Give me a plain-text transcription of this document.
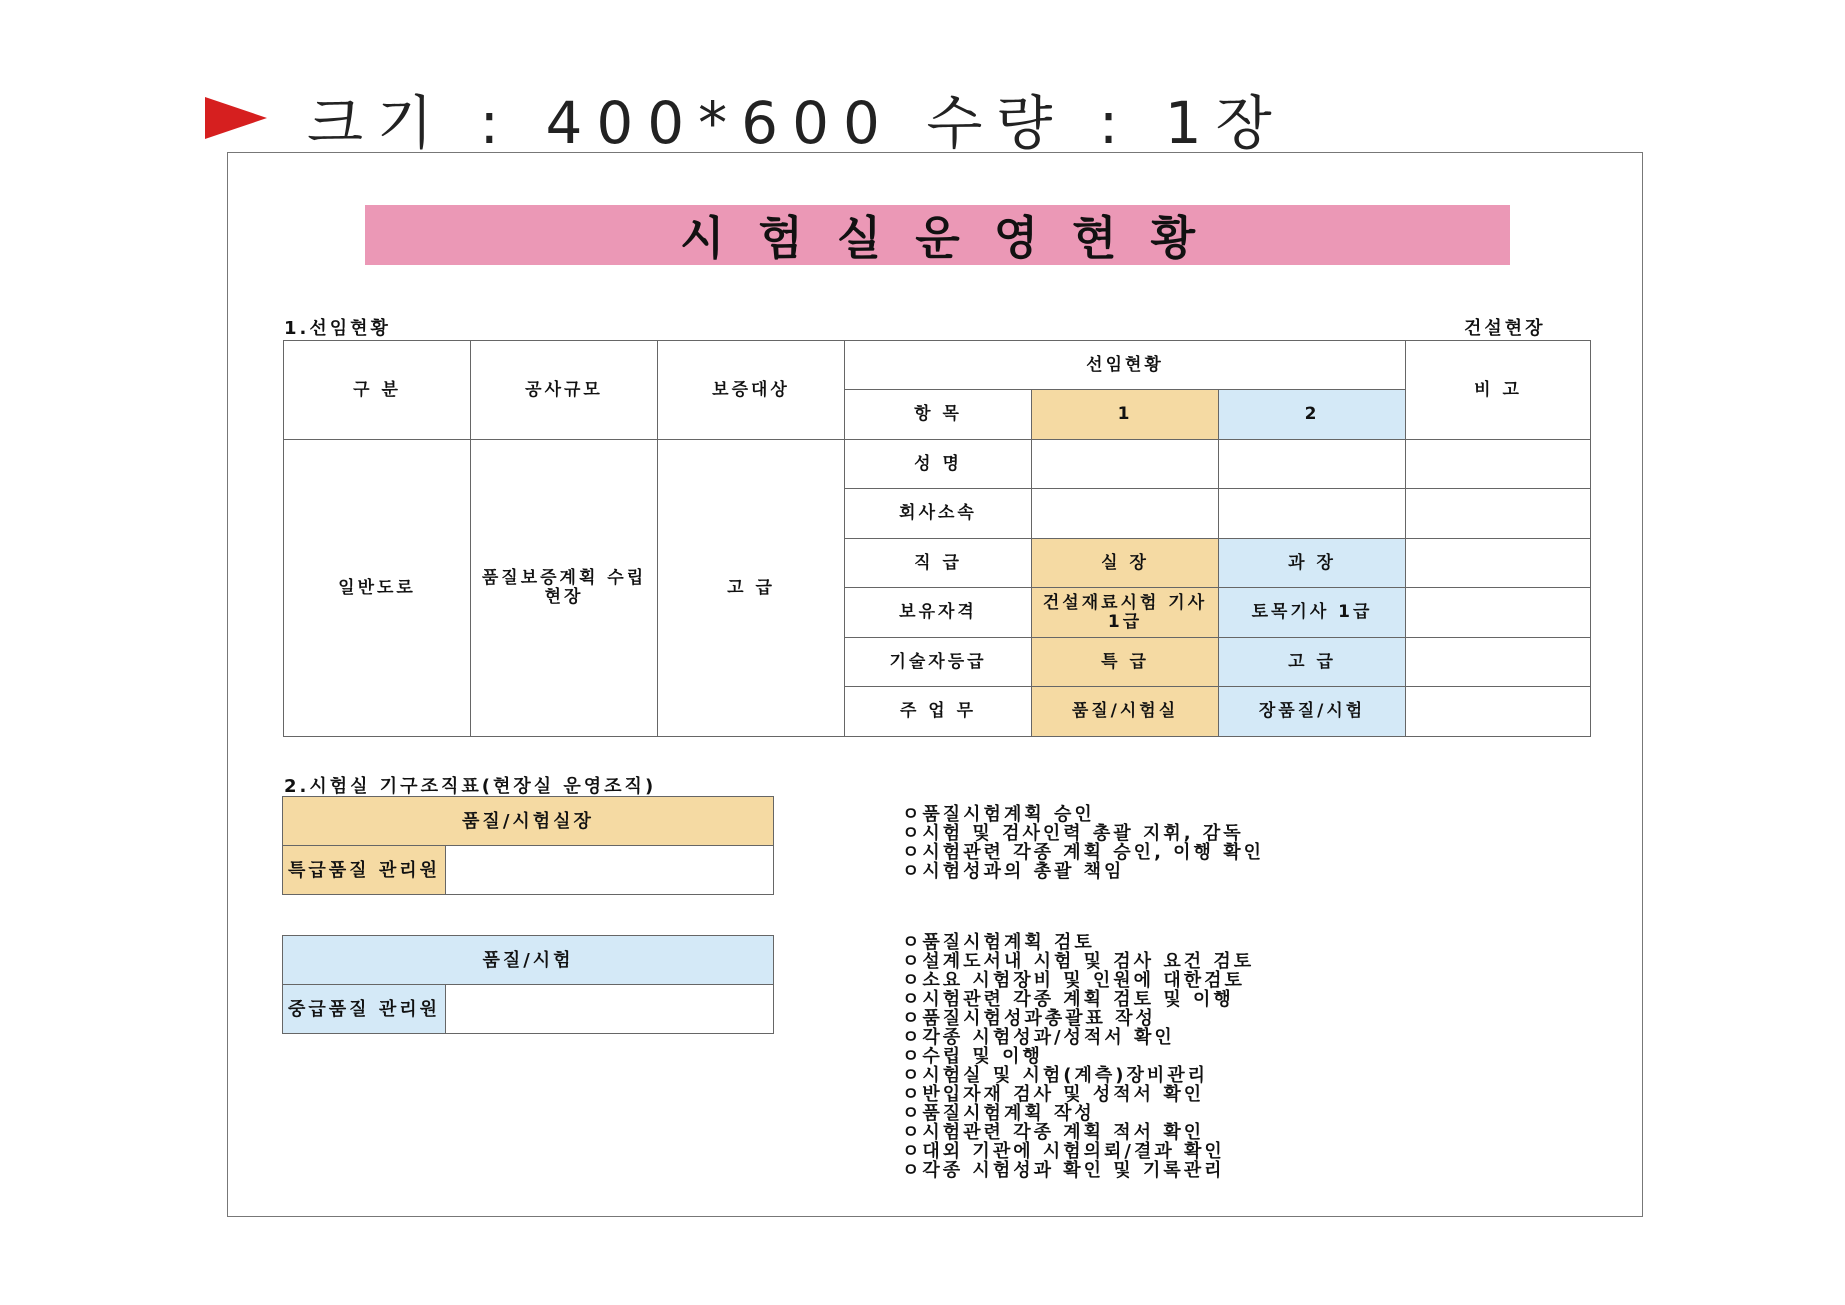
크기 : 400*600 수량 : 1장
시험실운영현황
1.선임현황	건설현장
구 분	공사규모	보증대상	선임현황			비 고
			항 목	1	2	
일반도로	품질보증계획 수립 현장	고 급	성 명			
			회사소속			
			직 급	실 장	과 장	
			보유자격	건설재료시험 기사1급	토목기사 1급	
			기술자등급	특 급	고 급	
			주 업 무	품질/시험실	장품질/시험	
2.시험실 기구조직표(현장실 운영조직)
품질/시험실장
특급품질 관리원	
품질/시험
중급품질 관리원	
ㅇ품질시험계획 승인
ㅇ시험 및 검사인력 총괄 지휘, 감독
ㅇ시험관련 각종 계획 승인, 이행 확인
ㅇ시험성과의 총괄 책임
ㅇ품질시험계획 검토
ㅇ설계도서내 시험 및 검사 요건 검토
ㅇ소요 시험장비 및 인원에 대한검토
ㅇ시험관련 각종 계획 검토 및 이행
ㅇ품질시험성과총괄표 작성
ㅇ각종 시험성과/성적서 확인
ㅇ수립 및 이행
ㅇ시험실 및 시험(계측)장비관리
ㅇ반입자재 검사 및 성적서 확인
ㅇ품질시험계획 작성
ㅇ시험관련 각종 계획 적서 확인
ㅇ대외 기관에 시험의뢰/결과 확인
ㅇ각종 시험성과 확인 및 기록관리
